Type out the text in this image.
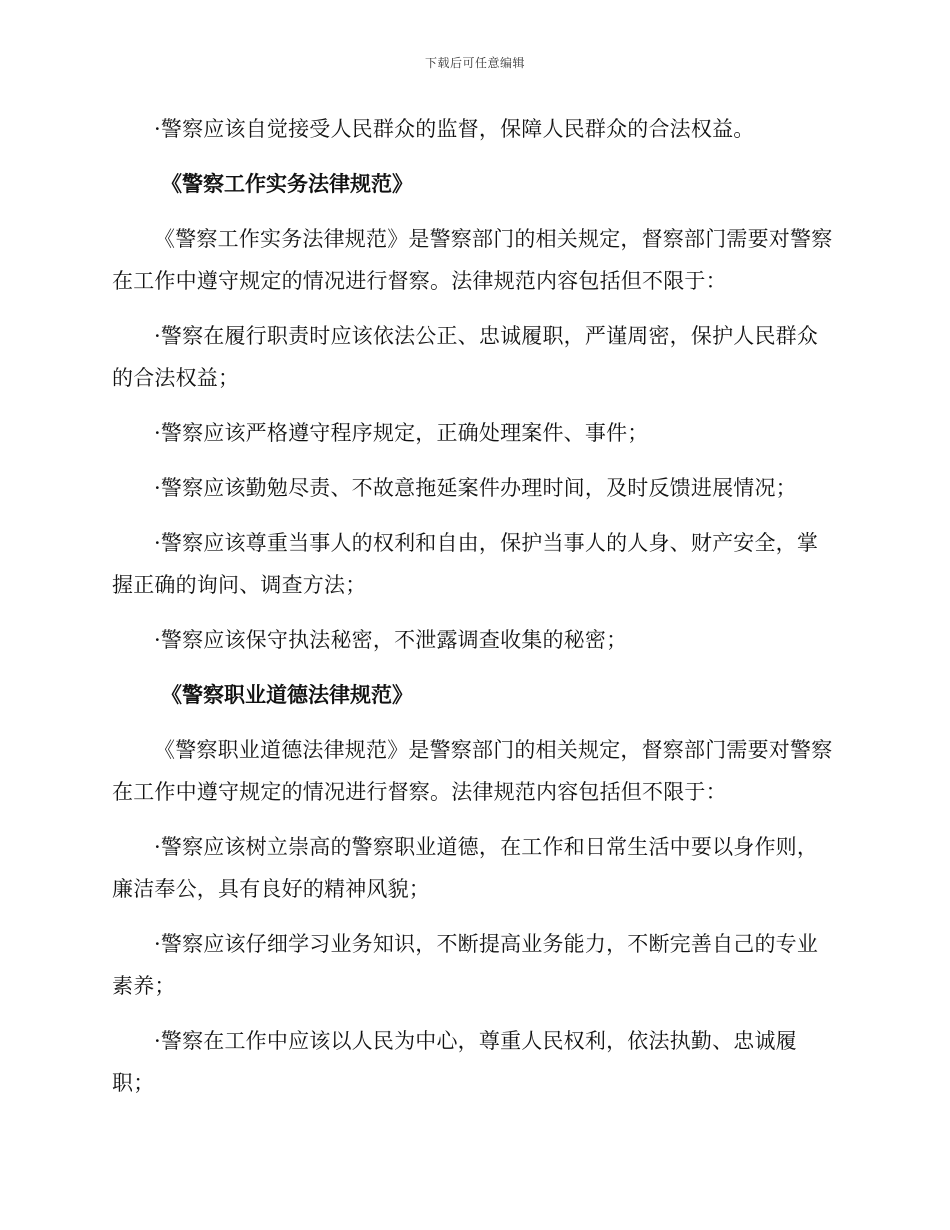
下载后可任意编辑

·警察应该自觉接受人民群众的监督，保障人民群众的合法权益。

《警察工作实务法律规范》

《警察工作实务法律规范》是警察部门的相关规定，督察部门需要对警察在工作中遵守规定的情况进行督察。法律规范内容包括但不限于：

·警察在履行职责时应该依法公正、忠诚履职，严谨周密，保护人民群众的合法权益；

·警察应该严格遵守程序规定，正确处理案件、事件；

·警察应该勤勉尽责、不故意拖延案件办理时间，及时反馈进展情况；

·警察应该尊重当事人的权利和自由，保护当事人的人身、财产安全，掌握正确的询问、调查方法；

·警察应该保守执法秘密，不泄露调查收集的秘密；

《警察职业道德法律规范》

《警察职业道德法律规范》是警察部门的相关规定，督察部门需要对警察在工作中遵守规定的情况进行督察。法律规范内容包括但不限于：

·警察应该树立崇高的警察职业道德，在工作和日常生活中要以身作则，廉洁奉公，具有良好的精神风貌；

·警察应该仔细学习业务知识，不断提高业务能力，不断完善自己的专业素养；

·警察在工作中应该以人民为中心，尊重人民权利，依法执勤、忠诚履职；
